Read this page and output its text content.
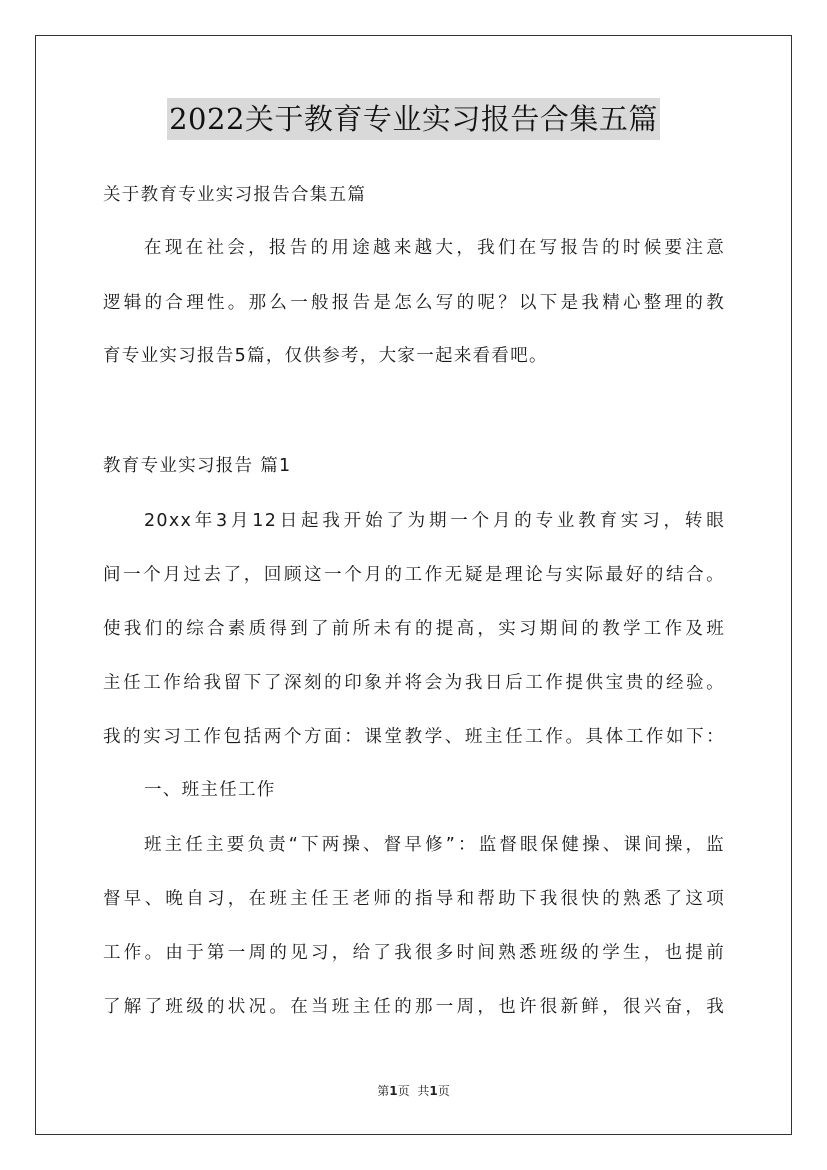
2022关于教育专业实习报告合集五篇
关于教育专业实习报告合集五篇
在现在社会，报告的用途越来越大，我们在写报告的时候要注意
逻辑的合理性。那么一般报告是怎么写的呢？以下是我精心整理的教
育专业实习报告5篇，仅供参考，大家一起来看看吧。
教育专业实习报告 篇1
20xx年3月12日起我开始了为期一个月的专业教育实习，转眼
间一个月过去了，回顾这一个月的工作无疑是理论与实际最好的结合。
使我们的综合素质得到了前所未有的提高，实习期间的教学工作及班
主任工作给我留下了深刻的印象并将会为我日后工作提供宝贵的经验。
我的实习工作包括两个方面：课堂教学、班主任工作。具体工作如下：
一、班主任工作
班主任主要负责“下两操、督早修”：监督眼保健操、课间操，监
督早、晚自习，在班主任王老师的指导和帮助下我很快的熟悉了这项
工作。由于第一周的见习，给了我很多时间熟悉班级的学生，也提前
了解了班级的状况。在当班主任的那一周，也许很新鲜，很兴奋，我
第1页 共1页
